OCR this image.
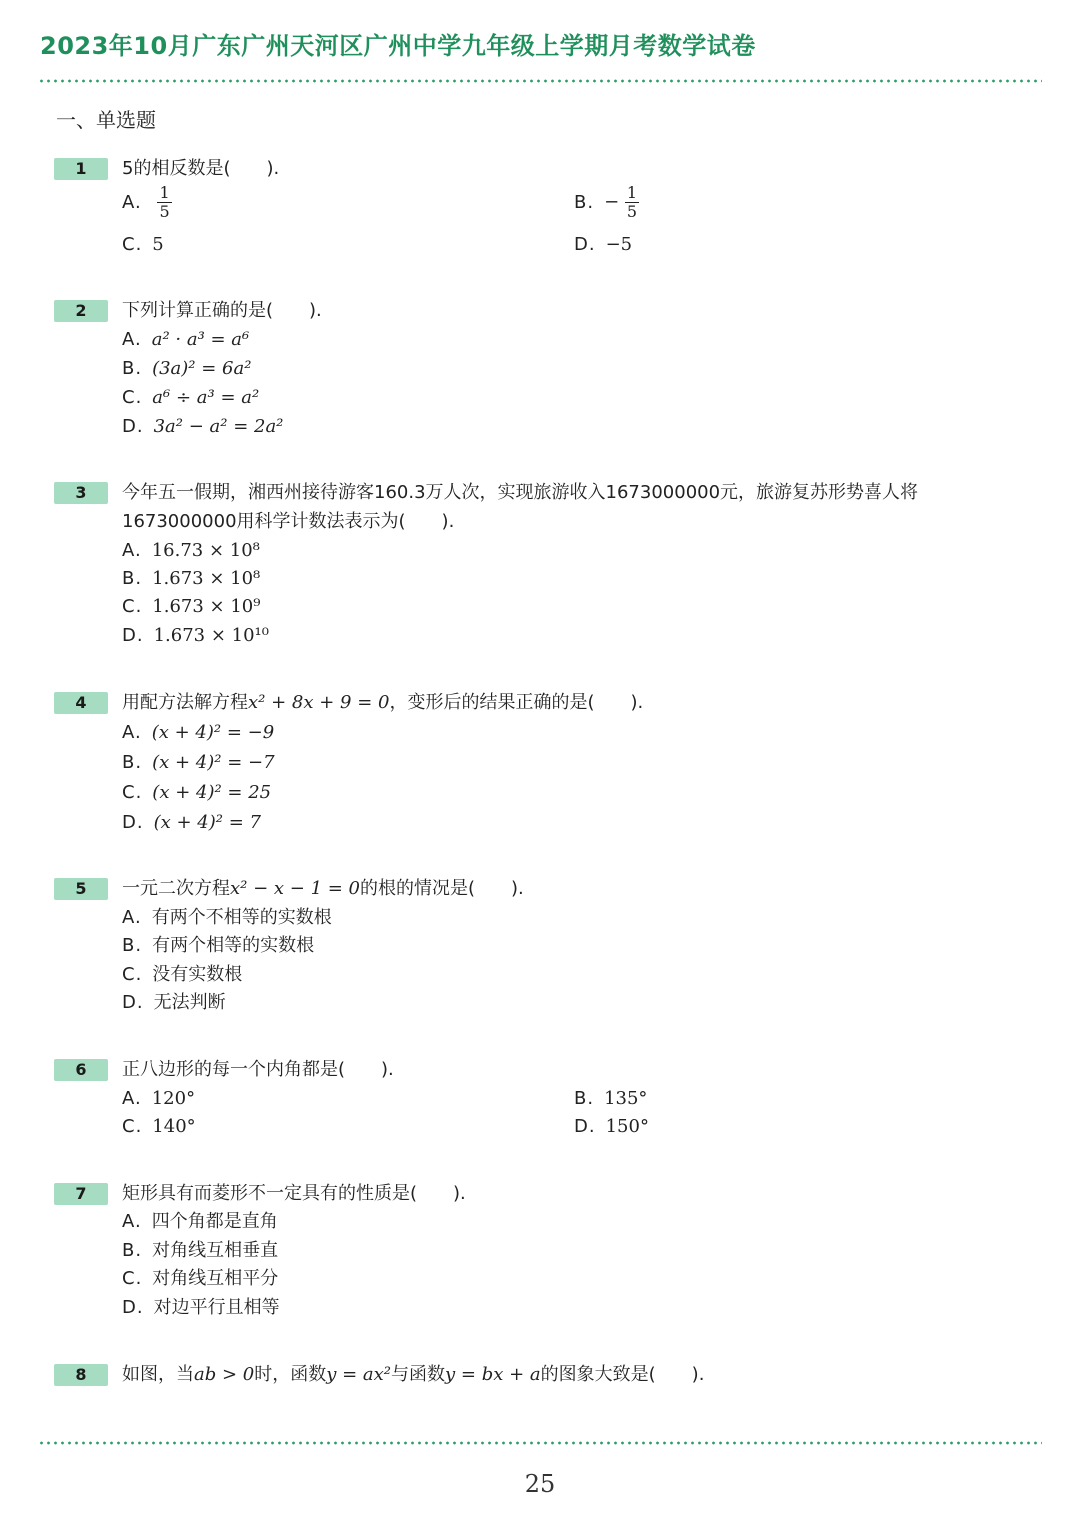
2023年10月广东广州天河区广州中学九年级上学期月考数学试卷
一、单选题
1	5的相反数是(　　).
A. $\frac{1}{5}$	B. − $\frac{1}{5}$
C. 5	D. −5
2	下列计算正确的是(　　).
A. a² · a³ = a⁶
B. (3a)² = 6a²
C. a⁶ ÷ a³ = a²
D. 3a² − a² = 2a²
3	今年五一假期，湘西州接待游客160.3万人次，实现旅游收入1673000000元，旅游复苏形势喜人将
1673000000用科学计数法表示为(　　).
A. 16.73 × 10⁸
B. 1.673 × 10⁸
C. 1.673 × 10⁹
D. 1.673 × 10¹⁰
4	用配方法解方程x² + 8x + 9 = 0，变形后的结果正确的是(　　).
A. (x + 4)² = −9
B. (x + 4)² = −7
C. (x + 4)² = 25
D. (x + 4)² = 7
5	一元二次方程x² − x − 1 = 0的根的情况是(　　).
A. 有两个不相等的实数根
B. 有两个相等的实数根
C. 没有实数根
D. 无法判断
6	正八边形的每一个内角都是(　　).
A. 120°	B. 135°
C. 140°	D. 150°
7	矩形具有而菱形不一定具有的性质是(　　).
A. 四个角都是直角
B. 对角线互相垂直
C. 对角线互相平分
D. 对边平行且相等
8	如图，当ab > 0时，函数y = ax²与函数y = bx + a的图象大致是(　　).
25
